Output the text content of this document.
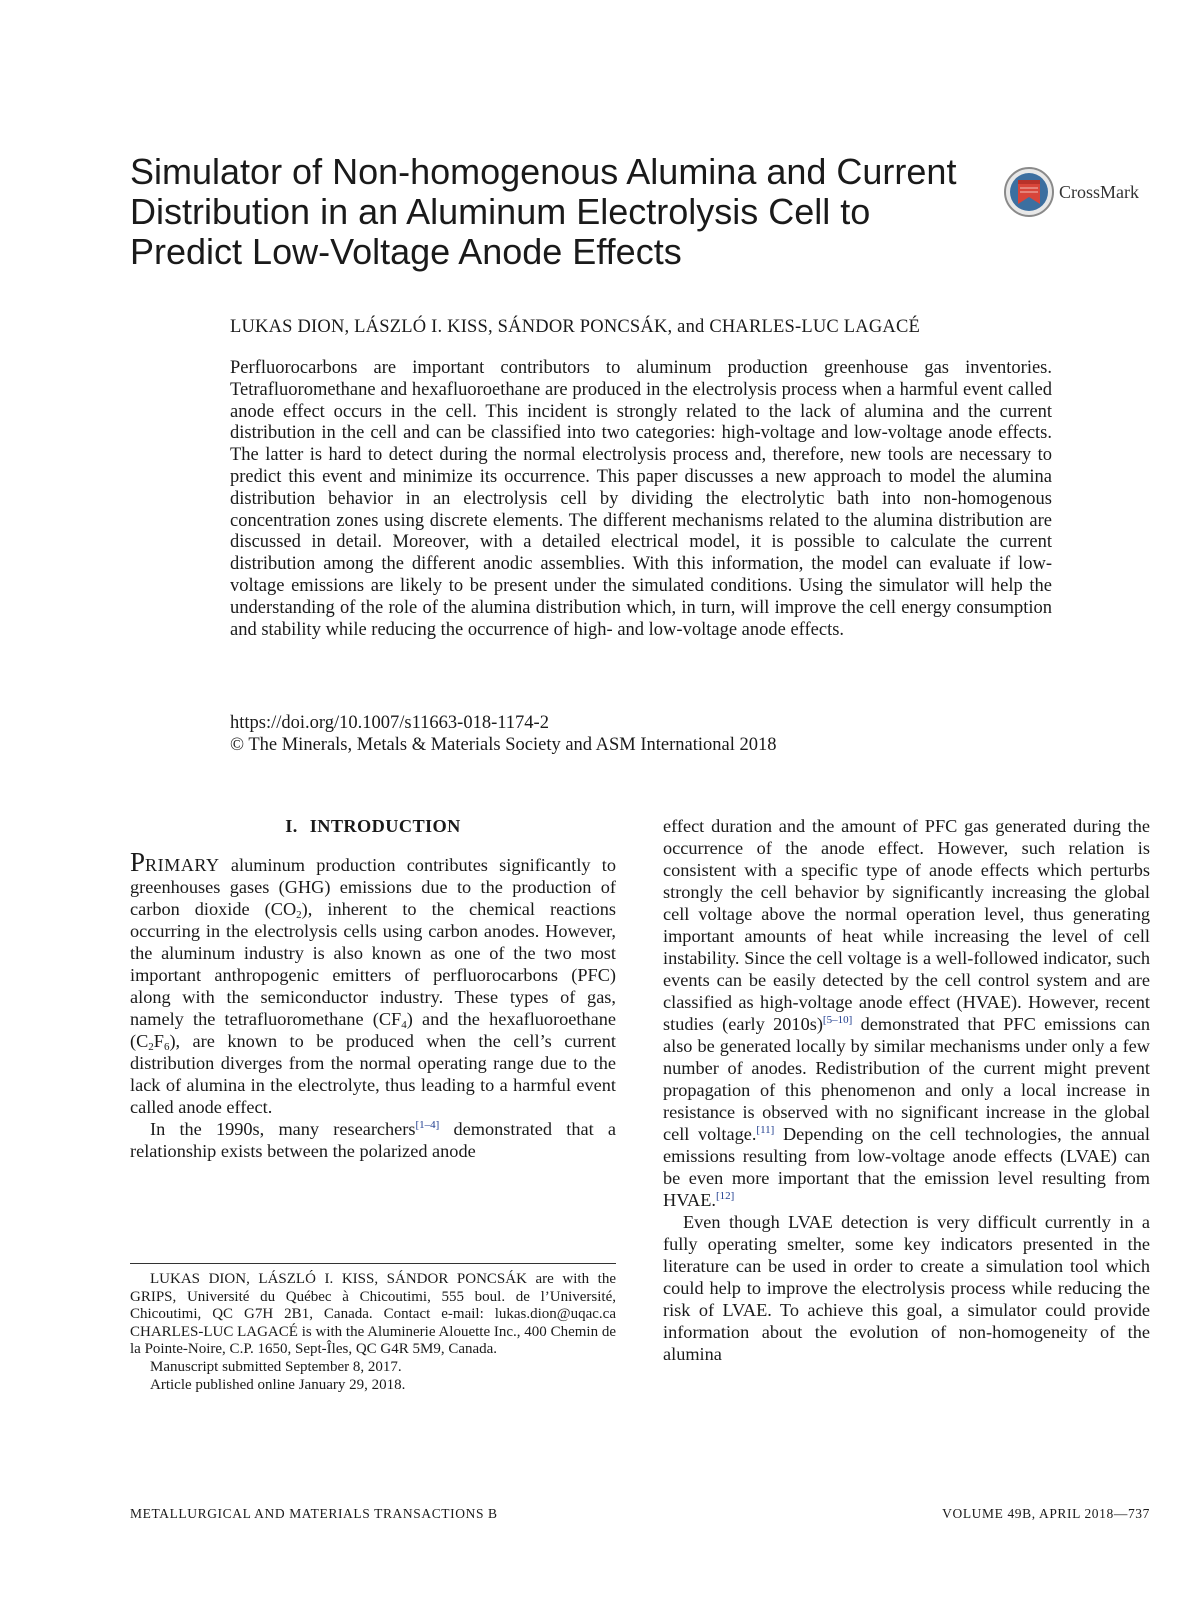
Simulator of Non-homogenous Alumina and Current Distribution in an Aluminum Electrolysis Cell to Predict Low-Voltage Anode Effects
CrossMark
LUKAS DION, LÁSZLÓ I. KISS, SÁNDOR PONCSÁK, and CHARLES-LUC LAGACÉ

Perfluorocarbons are important contributors to aluminum production greenhouse gas inventories. Tetrafluoromethane and hexafluoroethane are produced in the electrolysis process when a harmful event called anode effect occurs in the cell. This incident is strongly related to the lack of alumina and the current distribution in the cell and can be classified into two categories: high-voltage and low-voltage anode effects. The latter is hard to detect during the normal electrolysis process and, therefore, new tools are necessary to predict this event and minimize its occurrence. This paper discusses a new approach to model the alumina distribution behavior in an electrolysis cell by dividing the electrolytic bath into non-homogenous concentration zones using discrete elements. The different mechanisms related to the alumina distribution are discussed in detail. Moreover, with a detailed electrical model, it is possible to calculate the current distribution among the different anodic assemblies. With this information, the model can evaluate if low-voltage emissions are likely to be present under the simulated conditions. Using the simulator will help the understanding of the role of the alumina distribution which, in turn, will improve the cell energy consumption and stability while reducing the occurrence of high- and low-voltage anode effects.

https://doi.org/10.1007/s11663-018-1174-2
© The Minerals, Metals & Materials Society and ASM International 2018
I. INTRODUCTION

PRIMARY aluminum production contributes significantly to greenhouses gases (GHG) emissions due to the production of carbon dioxide $(CO_2)$, inherent to the chemical reactions occurring in the electrolysis cells using carbon anodes. However, the aluminum industry is also known as one of the two most important anthropogenic emitters of perfluorocarbons (PFC) along with the semiconductor industry. These types of gas, namely the tetrafluoromethane $(CF_4)$ and the hexafluoroethane $(C_2F_6)$, are known to be produced when the cell’s current distribution diverges from the normal operating range due to the lack of alumina in the electrolyte, thus leading to a harmful event called anode effect.

In the 1990s, many researchers[1–4] demonstrated that a relationship exists between the polarized anode

effect duration and the amount of PFC gas generated during the occurrence of the anode effect. However, such relation is consistent with a specific type of anode effects which perturbs strongly the cell behavior by significantly increasing the global cell voltage above the normal operation level, thus generating important amounts of heat while increasing the level of cell instability. Since the cell voltage is a well-followed indicator, such events can be easily detected by the cell control system and are classified as high-voltage anode effect (HVAE). However, recent studies (early 2010s)[5–10] demonstrated that PFC emissions can also be generated locally by similar mechanisms under only a few number of anodes. Redistribution of the current might prevent propagation of this phenomenon and only a local increase in resistance is observed with no significant increase in the global cell voltage.[11] Depending on the cell technologies, the annual emissions resulting from low-voltage anode effects (LVAE) can be even more important that the emission level resulting from HVAE.[12]

Even though LVAE detection is very difficult currently in a fully operating smelter, some key indicators presented in the literature can be used in order to create a simulation tool which could help to improve the electrolysis process while reducing the risk of LVAE. To achieve this goal, a simulator could provide information about the evolution of non-homogeneity of the alumina

LUKAS DION, LÁSZLÓ I. KISS, SÁNDOR PONCSÁK are with the GRIPS, Université du Québec à Chicoutimi, 555 boul. de l’Université, Chicoutimi, QC G7H 2B1, Canada. Contact e-mail: lukas.dion@uqac.ca CHARLES-LUC LAGACÉ is with the Aluminerie Alouette Inc., 400 Chemin de la Pointe-Noire, C.P. 1650, Sept-Îles, QC G4R 5M9, Canada.

Manuscript submitted September 8, 2017.

Article published online January 29, 2018.

METALLURGICAL AND MATERIALS TRANSACTIONS B	VOLUME 49B, APRIL 2018—737
